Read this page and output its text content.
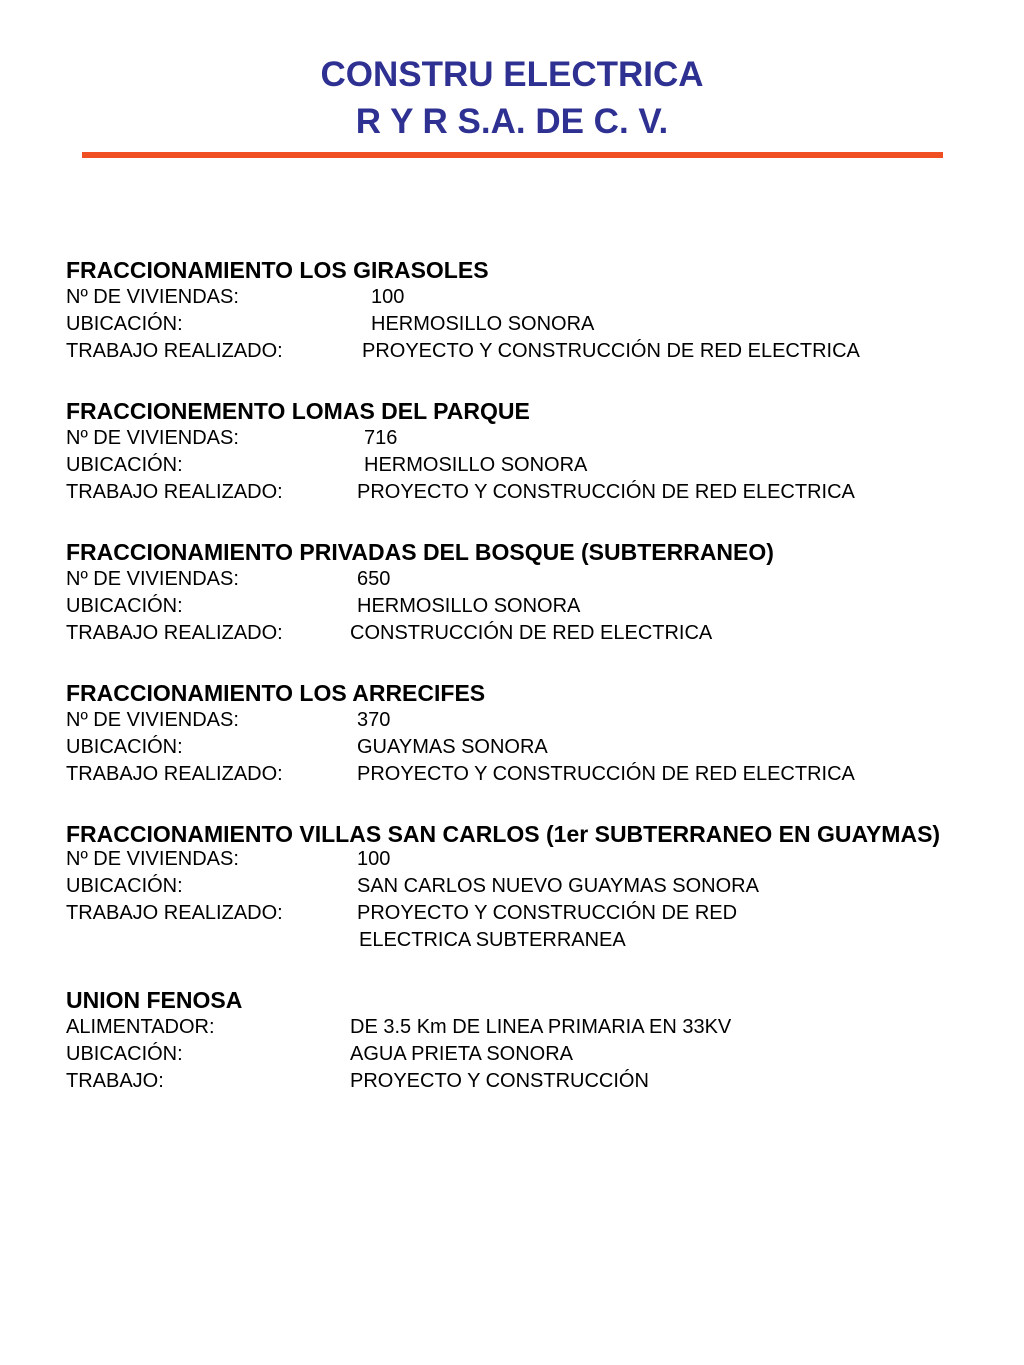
CONSTRU ELECTRICA
R Y R S.A. DE C. V.
FRACCIONAMIENTO LOS GIRASOLES
Nº DE VIVIENDAS:	100
UBICACIÓN:	HERMOSILLO SONORA
TRABAJO REALIZADO:	PROYECTO Y CONSTRUCCIÓN DE RED ELECTRICA
FRACCIONEMENTO LOMAS DEL PARQUE
Nº DE VIVIENDAS:	716
UBICACIÓN:	HERMOSILLO SONORA
TRABAJO REALIZADO:	PROYECTO Y CONSTRUCCIÓN DE RED ELECTRICA
FRACCIONAMIENTO PRIVADAS DEL BOSQUE (SUBTERRANEO)
Nº DE VIVIENDAS:	650
UBICACIÓN:	HERMOSILLO SONORA
TRABAJO REALIZADO:	CONSTRUCCIÓN DE RED ELECTRICA
FRACCIONAMIENTO LOS ARRECIFES
Nº DE VIVIENDAS:	370
UBICACIÓN:	GUAYMAS SONORA
TRABAJO REALIZADO:	PROYECTO Y CONSTRUCCIÓN DE RED ELECTRICA
FRACCIONAMIENTO VILLAS SAN CARLOS (1er SUBTERRANEO EN GUAYMAS)
Nº DE VIVIENDAS:	100
UBICACIÓN:	SAN CARLOS NUEVO GUAYMAS SONORA
TRABAJO REALIZADO:	PROYECTO Y CONSTRUCCIÓN DE RED
ELECTRICA SUBTERRANEA
UNION FENOSA
ALIMENTADOR:	DE 3.5 Km DE LINEA PRIMARIA EN 33KV
UBICACIÓN:	AGUA PRIETA SONORA
TRABAJO:	PROYECTO Y CONSTRUCCIÓN
